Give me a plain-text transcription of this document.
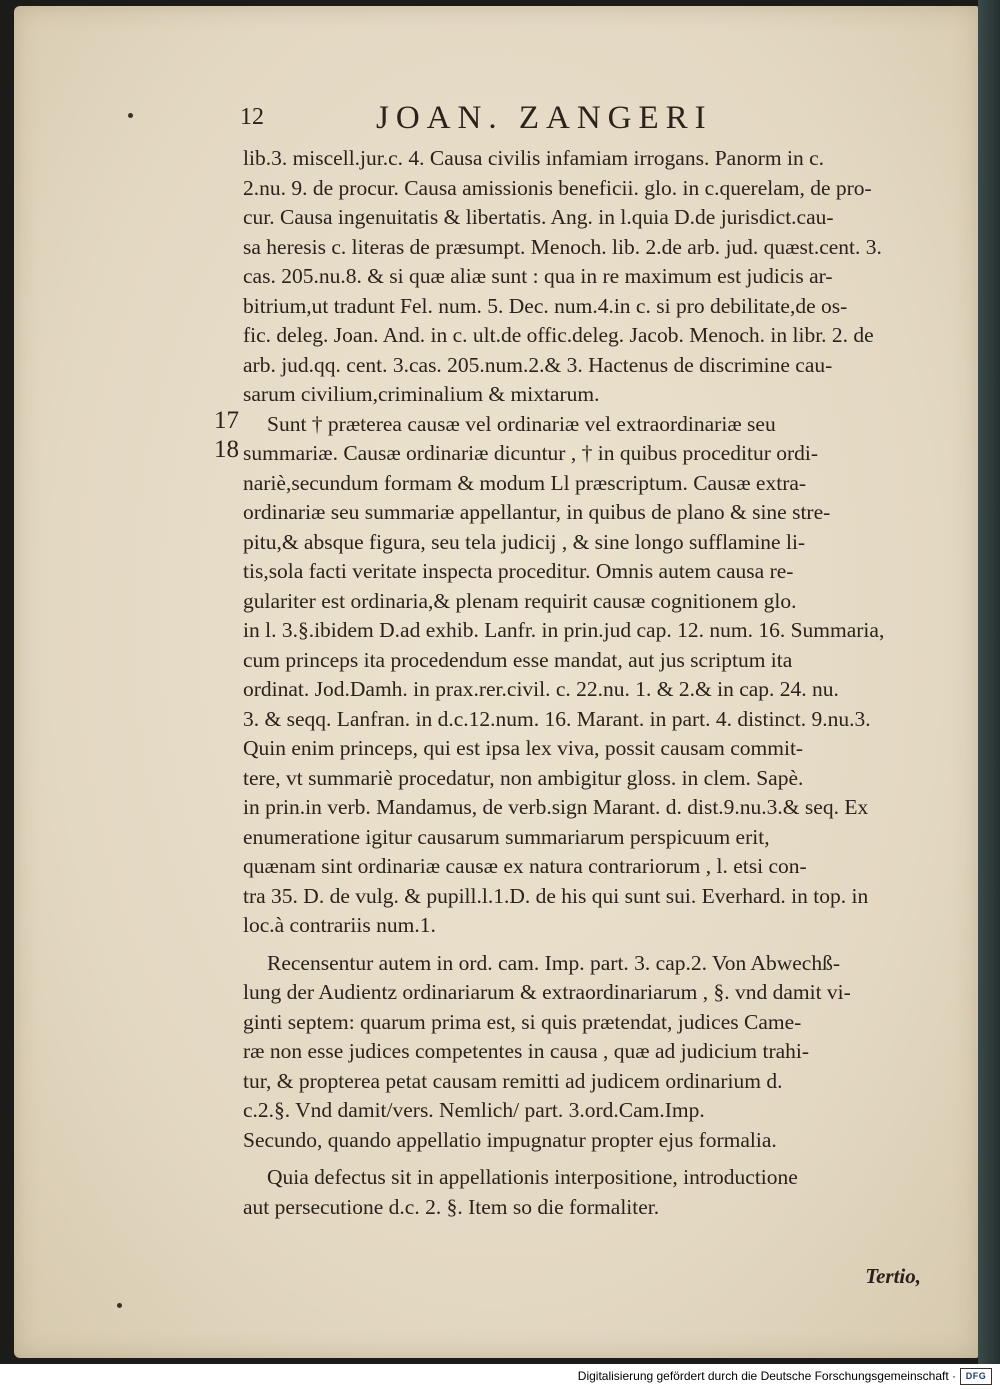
12	JOAN. ZANGERI
17
18
lib.3. miscell.jur.c. 4. Causa civilis infamiam irrogans. Panorm in c.
2.nu. 9. de procur. Causa amissionis beneficii. glo. in c.querelam, de pro-
cur. Causa ingenuitatis & libertatis. Ang. in l.quia D.de jurisdict.cau-
sa heresis c. literas de præsumpt. Menoch. lib. 2.de arb. jud. quæst.cent. 3.
cas. 205.nu.8. & si quæ aliæ sunt : qua in re maximum est judicis ar-
bitrium,ut tradunt Fel. num. 5. Dec. num.4.in c. si pro debilitate,de os-
fic. deleg. Joan. And. in c. ult.de offic.deleg. Jacob. Menoch. in libr. 2. de
arb. jud.qq. cent. 3.cas. 205.num.2.& 3. Hactenus de discrimine cau-
sarum civilium,criminalium & mixtarum.
Sunt † præterea causæ vel ordinariæ vel extraordinariæ seu
summariæ. Causæ ordinariæ dicuntur , † in quibus proceditur ordi-
nariè,secundum formam & modum Ll præscriptum. Causæ extra-
ordinariæ seu summariæ appellantur, in quibus de plano & sine stre-
pitu,& absque figura, seu tela judicij , & sine longo sufflamine li-
tis,sola facti veritate inspecta proceditur. Omnis autem causa re-
gulariter est ordinaria,& plenam requirit causæ cognitionem glo.
in l. 3.§.ibidem D.ad exhib. Lanfr. in prin.jud cap. 12. num. 16. Summaria,
cum princeps ita procedendum esse mandat, aut jus scriptum ita
ordinat. Jod.Damh. in prax.rer.civil. c. 22.nu. 1. & 2.& in cap. 24. nu.
3. & seqq. Lanfran. in d.c.12.num. 16. Marant. in part. 4. distinct. 9.nu.3.
Quin enim princeps, qui est ipsa lex viva, possit causam commit-
tere, vt summariè procedatur, non ambigitur gloss. in clem. Sapè.
in prin.in verb. Mandamus, de verb.sign Marant. d. dist.9.nu.3.& seq. Ex
enumeratione igitur causarum summariarum perspicuum erit,
quænam sint ordinariæ causæ ex natura contrariorum , l. etsi con-
tra 35. D. de vulg. & pupill.l.1.D. de his qui sunt sui. Everhard. in top. in
loc.à contrariis num.1.
Recensentur autem in ord. cam. Imp. part. 3. cap.2. Von Abwechß-
lung der Audientz ordinariarum & extraordinariarum , §. vnd damit vi-
ginti septem: quarum prima est, si quis prætendat, judices Came-
ræ non esse judices competentes in causa , quæ ad judicium trahi-
tur, & propterea petat causam remitti ad judicem ordinarium d.
c.2.§. Vnd damit/vers. Nemlich/ part. 3.ord.Cam.Imp.
Secundo, quando appellatio impugnatur propter ejus formalia.
Quia defectus sit in appellationis interpositione, introductione
aut persecutione d.c. 2. §. Item so die formaliter.
Tertio,
Digitalisierung gefördert durch die Deutsche Forschungsgemeinschaft ·	DFG
